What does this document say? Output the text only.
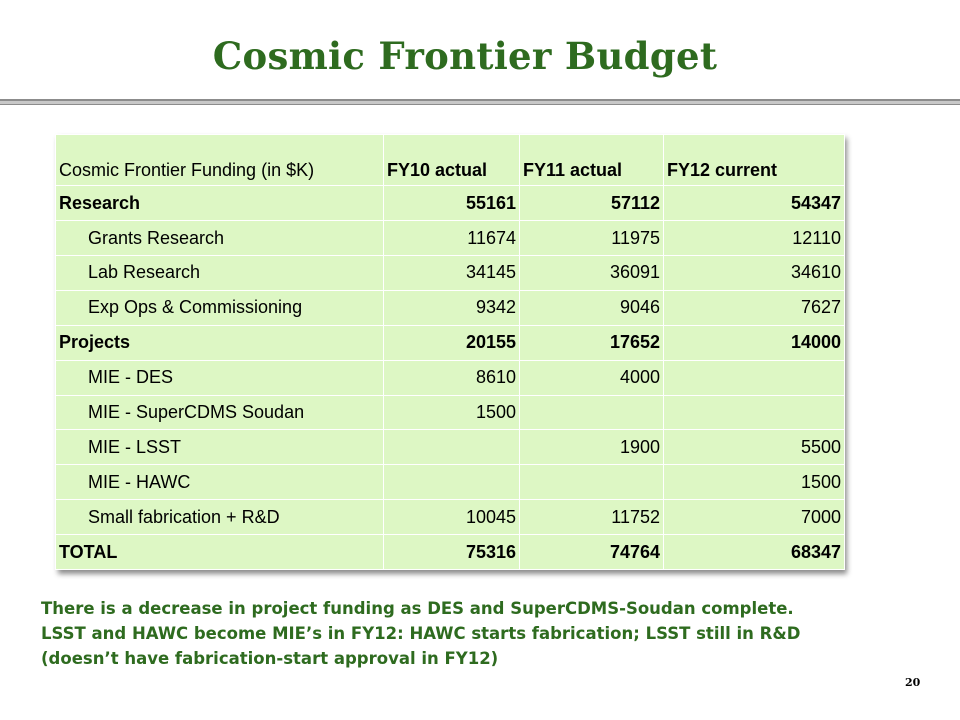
Cosmic Frontier Budget
Cosmic Frontier Funding (in $K)	FY10 actual	FY11 actual	FY12 current
Research	55161	57112	54347
Grants Research	11674	11975	12110
Lab Research	34145	36091	34610
Exp Ops & Commissioning	9342	9046	7627
Projects	20155	17652	14000
MIE - DES	8610	4000	
MIE - SuperCDMS Soudan	1500		
MIE - LSST		1900	5500
MIE - HAWC			1500
Small fabrication + R&D	10045	11752	7000
TOTAL	75316	74764	68347
There is a decrease in project funding as DES and SuperCDMS-Soudan complete.
LSST and HAWC become MIE’s in FY12: HAWC starts fabrication; LSST still in R&D
(doesn’t have fabrication-start approval in FY12)
20
